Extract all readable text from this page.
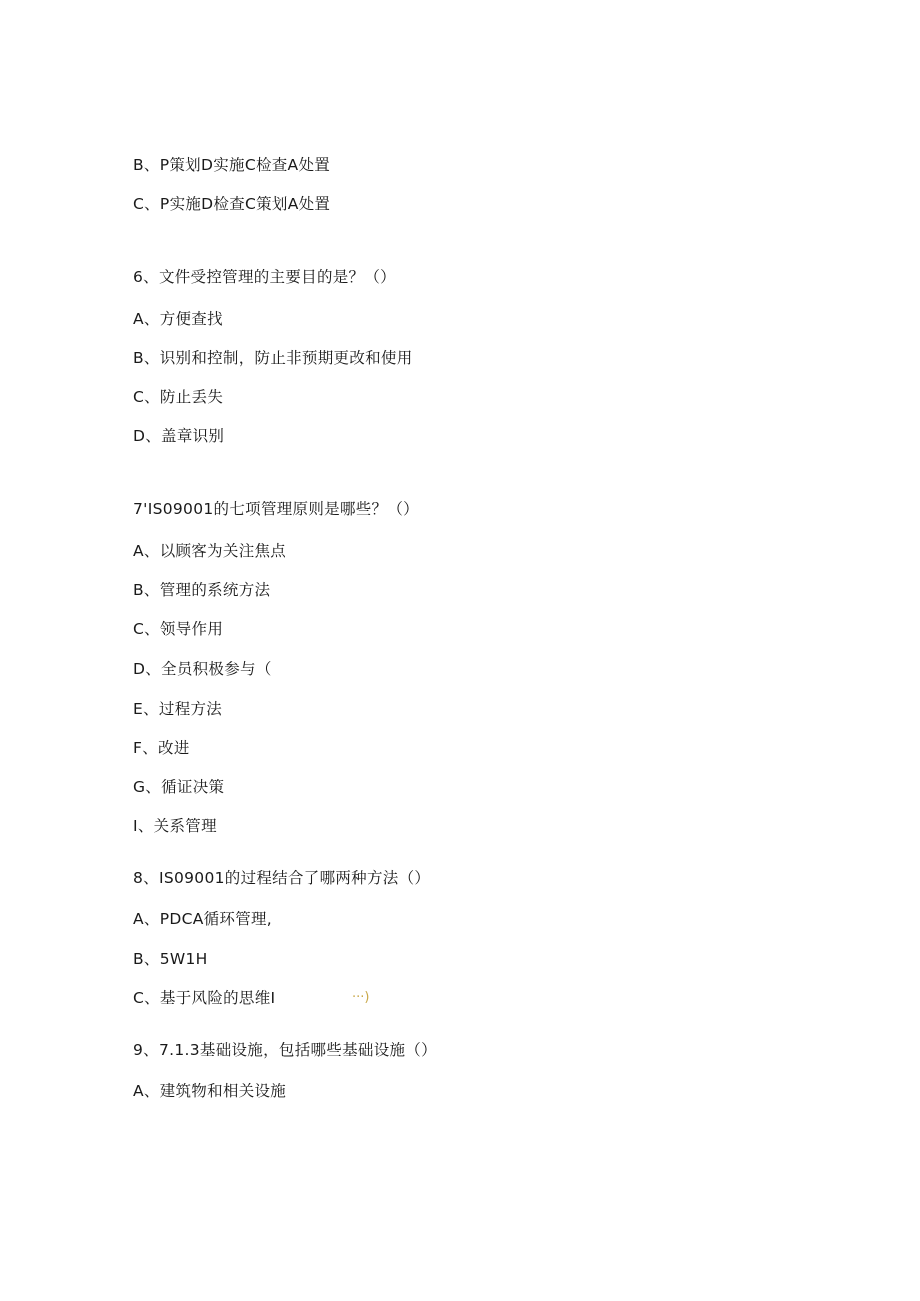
B、P策划D实施C检查A处置
C、P实施D检查C策划A处置
6、文件受控管理的主要目的是？（）
A、方便查找
B、识别和控制，防止非预期更改和使用
C、防止丢失
D、盖章识别
7'IS09001的七项管理原则是哪些？（）
A、以顾客为关注焦点
B、管理的系统方法
C、领导作用
D、全员积极参与（
E、过程方法
F、改进
G、循证决策
I、关系管理
8、IS09001的过程结合了哪两种方法（）
A、PDCA循环管理,
B、5W1H
C、基于风险的思维I	···)
9、7.1.3基础设施，包括哪些基础设施（）
A、建筑物和相关设施
